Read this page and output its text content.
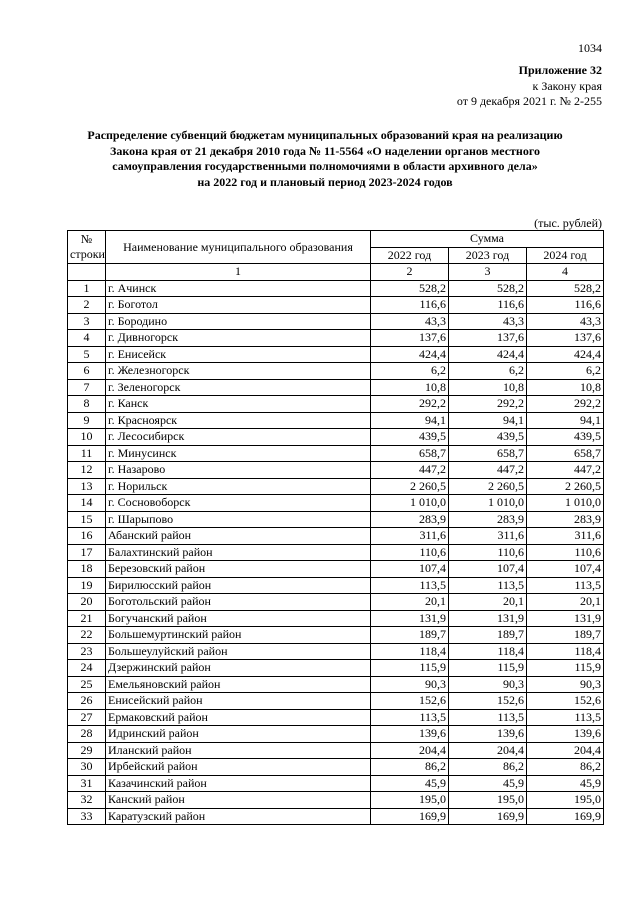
1034
Приложение 32
к Закону края
от 9 декабря 2021 г. № 2-255
Распределение субвенций бюджетам муниципальных образований края на реализацию
Закона края от 21 декабря 2010 года № 11-5564 «О наделении органов местного
самоуправления государственными полномочиями в области архивного дела»
на 2022 год и плановый период 2023-2024 годов
(тыс. рублей)
№
строки	Наименование муниципального образования	Сумма		
		2022 год	2023 год	2024 год
	1	2	3	4
1	г. Ачинск	528,2	528,2	528,2
2	г. Боготол	116,6	116,6	116,6
3	г. Бородино	43,3	43,3	43,3
4	г. Дивногорск	137,6	137,6	137,6
5	г. Енисейск	424,4	424,4	424,4
6	г. Железногорск	6,2	6,2	6,2
7	г. Зеленогорск	10,8	10,8	10,8
8	г. Канск	292,2	292,2	292,2
9	г. Красноярск	94,1	94,1	94,1
10	г. Лесосибирск	439,5	439,5	439,5
11	г. Минусинск	658,7	658,7	658,7
12	г. Назарово	447,2	447,2	447,2
13	г. Норильск	2 260,5	2 260,5	2 260,5
14	г. Сосновоборск	1 010,0	1 010,0	1 010,0
15	г. Шарыпово	283,9	283,9	283,9
16	Абанский район	311,6	311,6	311,6
17	Балахтинский район	110,6	110,6	110,6
18	Березовский район	107,4	107,4	107,4
19	Бирилюсский район	113,5	113,5	113,5
20	Боготольский район	20,1	20,1	20,1
21	Богучанский район	131,9	131,9	131,9
22	Большемуртинский район	189,7	189,7	189,7
23	Большеулуйский район	118,4	118,4	118,4
24	Дзержинский район	115,9	115,9	115,9
25	Емельяновский район	90,3	90,3	90,3
26	Енисейский район	152,6	152,6	152,6
27	Ермаковский район	113,5	113,5	113,5
28	Идринский район	139,6	139,6	139,6
29	Иланский район	204,4	204,4	204,4
30	Ирбейский район	86,2	86,2	86,2
31	Казачинский район	45,9	45,9	45,9
32	Канский район	195,0	195,0	195,0
33	Каратузский район	169,9	169,9	169,9
